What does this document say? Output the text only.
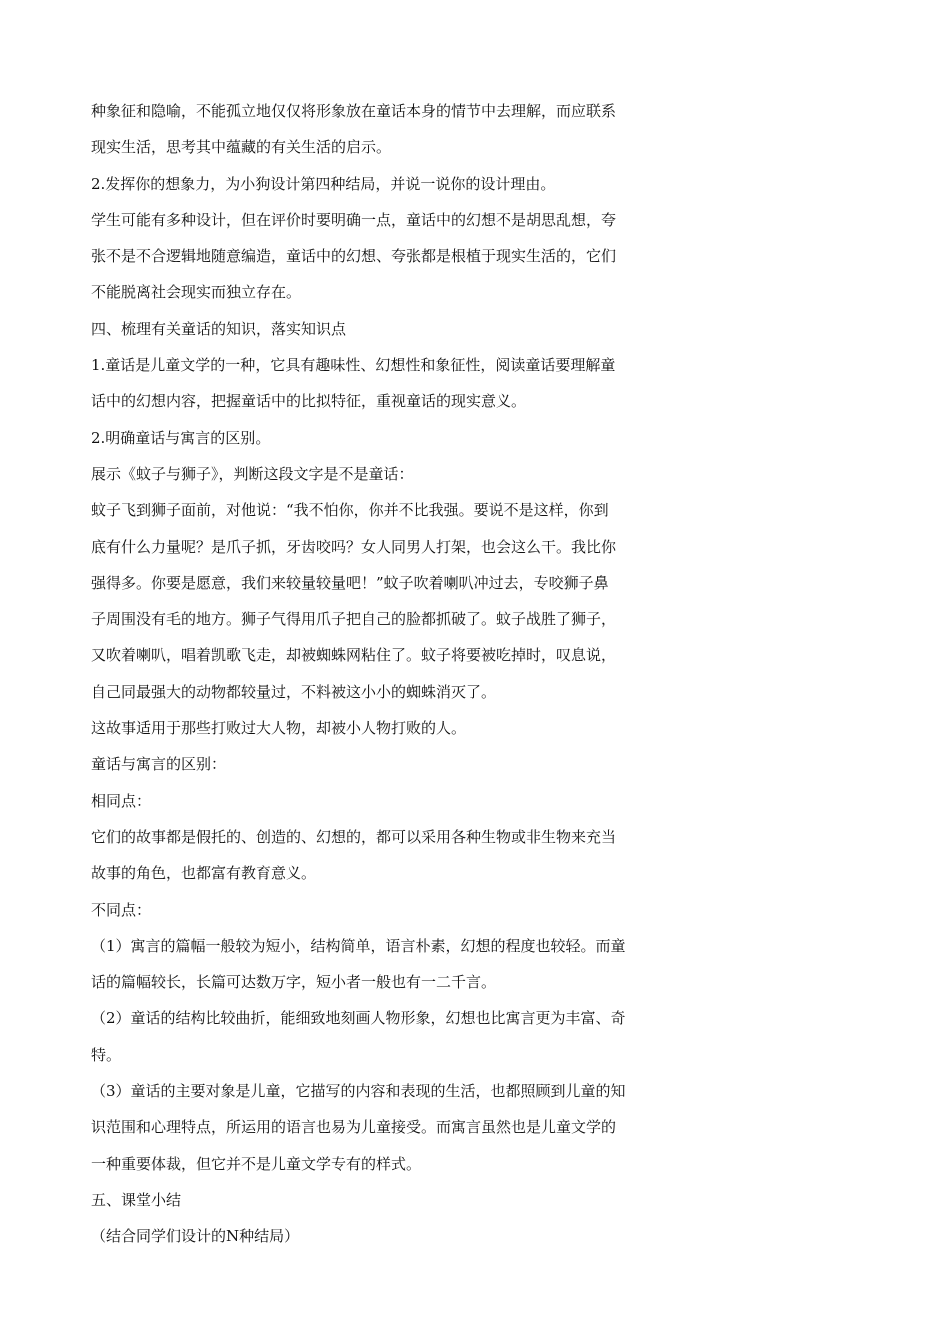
种象征和隐喻，不能孤立地仅仅将形象放在童话本身的情节中去理解，而应联系
现实生活，思考其中蕴藏的有关生活的启示。
2.发挥你的想象力，为小狗设计第四种结局，并说一说你的设计理由。
学生可能有多种设计，但在评价时要明确一点，童话中的幻想不是胡思乱想，夸
张不是不合逻辑地随意编造，童话中的幻想、夸张都是根植于现实生活的，它们
不能脱离社会现实而独立存在。
四、梳理有关童话的知识，落实知识点
1.童话是儿童文学的一种，它具有趣味性、幻想性和象征性，阅读童话要理解童
话中的幻想内容，把握童话中的比拟特征，重视童话的现实意义。
2.明确童话与寓言的区别。
展示《蚊子与狮子》，判断这段文字是不是童话：
蚊子飞到狮子面前，对他说：“我不怕你，你并不比我强。要说不是这样，你到
底有什么力量呢？是爪子抓，牙齿咬吗？女人同男人打架，也会这么干。我比你
强得多。你要是愿意，我们来较量较量吧！”蚊子吹着喇叭冲过去，专咬狮子鼻
子周围没有毛的地方。狮子气得用爪子把自己的脸都抓破了。蚊子战胜了狮子，
又吹着喇叭，唱着凯歌飞走，却被蜘蛛网粘住了。蚊子将要被吃掉时，叹息说，
自己同最强大的动物都较量过，不料被这小小的蜘蛛消灭了。
这故事适用于那些打败过大人物，却被小人物打败的人。
童话与寓言的区别：
相同点：
它们的故事都是假托的、创造的、幻想的，都可以采用各种生物或非生物来充当
故事的角色，也都富有教育意义。
不同点：
（1）寓言的篇幅一般较为短小，结构简单，语言朴素，幻想的程度也较轻。而童
话的篇幅较长，长篇可达数万字，短小者一般也有一二千言。
（2）童话的结构比较曲折，能细致地刻画人物形象，幻想也比寓言更为丰富、奇
特。
（3）童话的主要对象是儿童，它描写的内容和表现的生活，也都照顾到儿童的知
识范围和心理特点，所运用的语言也易为儿童接受。而寓言虽然也是儿童文学的
一种重要体裁，但它并不是儿童文学专有的样式。
五、课堂小结
（结合同学们设计的N种结局）
